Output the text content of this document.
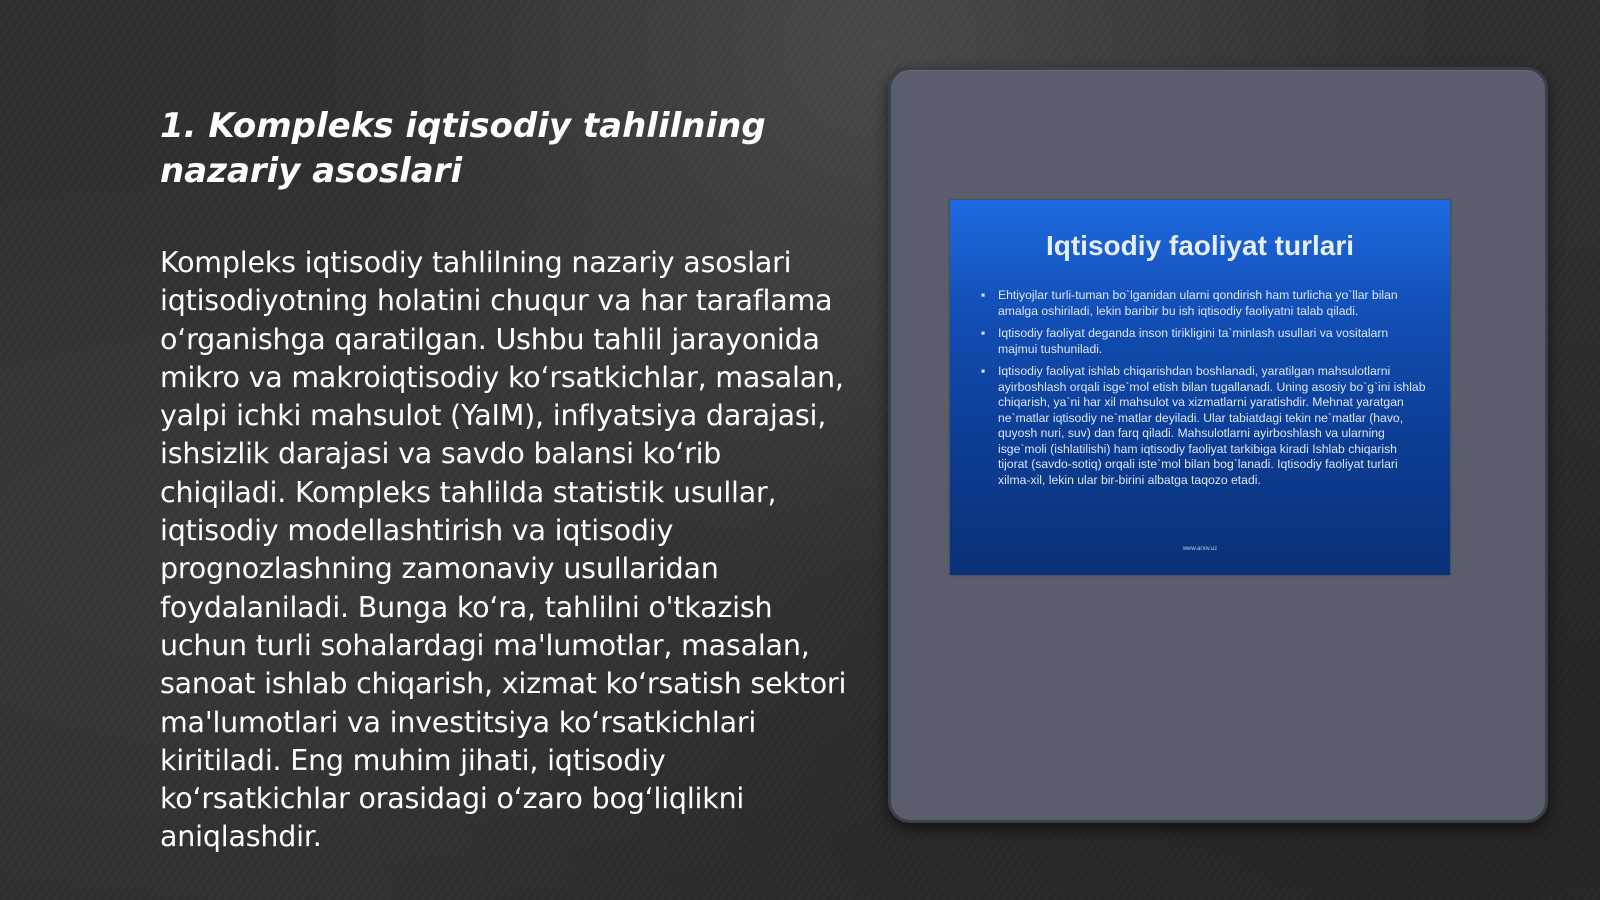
1. Kompleks iqtisodiy tahlilning nazariy asoslari

Kompleks iqtisodiy tahlilning nazariy asoslari iqtisodiyotning holatini chuqur va har taraflama oʻrganishga qaratilgan. Ushbu tahlil jarayonida mikro va makroiqtisodiy koʻrsatkichlar, masalan, yalpi ichki mahsulot (YaIM), inflyatsiya darajasi, ishsizlik darajasi va savdo balansi koʻrib chiqiladi. Kompleks tahlilda statistik usullar, iqtisodiy modellashtirish va iqtisodiy prognozlashning zamonaviy usullaridan foydalaniladi. Bunga koʻra, tahlilni o'tkazish uchun turli sohalardagi ma'lumotlar, masalan, sanoat ishlab chiqarish, xizmat koʻrsatish sektori ma'lumotlari va investitsiya koʻrsatkichlari kiritiladi. Eng muhim jihati, iqtisodiy koʻrsatkichlar orasidagi oʻzaro bogʻliqlikni aniqlashdir.

Iqtisodiy faoliyat turlari
▪ Ehtiyojlar turli-tuman bo`lganidan ularni qondirish ham turlicha yo`llar bilan amalga oshiriladi, lekin baribir bu ish iqtisodiy faoliyatni talab qiladi.
▪ Iqtisodiy faoliyat deganda inson tirikligini ta`minlash usullari va vositalarn majmui tushuniladi.
▪ Iqtisodiy faoliyat ishlab chiqarishdan boshlanadi, yaratilgan mahsulotlarni ayirboshlash orqali isge`mol etish bilan tugallanadi. Uning asosiy bo`g`ini ishlab chiqarish, ya`ni har xil mahsulot va xizmatlarni yaratishdir. Mehnat yaratgan ne`matlar iqtisodiy ne`matlar deyiladi. Ular tabiatdagi tekin ne`matlar (havo, quyosh nuri, suv) dan farq qiladi. Mahsulotlarni ayirboshlash va ularning isge`moli (ishlatilishi) ham iqtisodiy faoliyat tarkibiga kiradi Ishlab chiqarish tijorat (savdo-sotiq) orqali iste`mol bilan bog`lanadi. Iqtisodiy faoliyat turlari xilma-xil, lekin ular bir-birini albatga taqozo etadi.
www.arxiv.uz
